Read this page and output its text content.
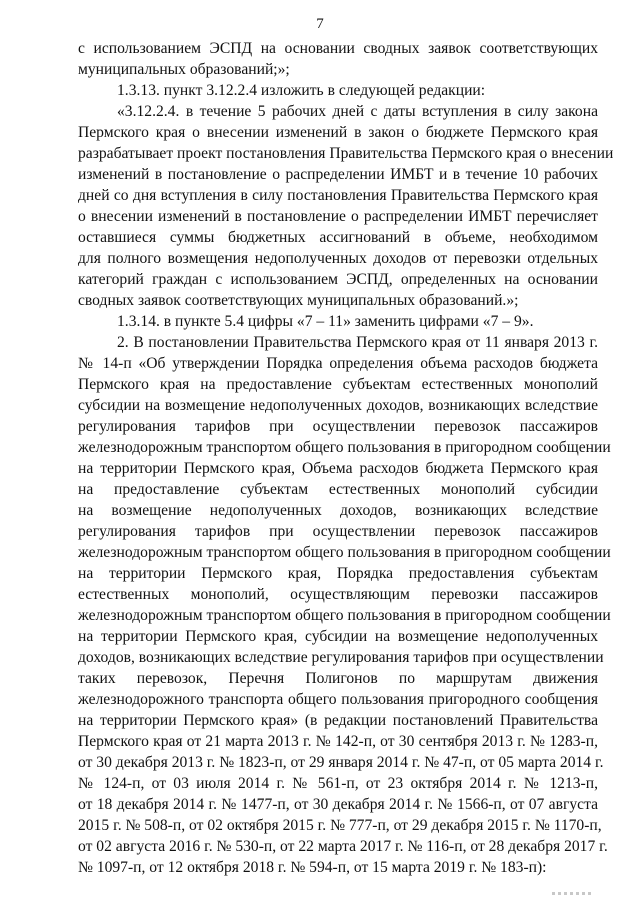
7
с использованием ЭСПД на основании сводных заявок соответствующих
муниципальных образований;»;
1.3.13. пункт 3.12.2.4 изложить в следующей редакции:
«3.12.2.4. в течение 5 рабочих дней с даты вступления в силу закона
Пермского края о внесении изменений в закон о бюджете Пермского края
разрабатывает проект постановления Правительства Пермского края о внесении
изменений в постановление о распределении ИМБТ и в течение 10 рабочих
дней со дня вступления в силу постановления Правительства Пермского края
о внесении изменений в постановление о распределении ИМБТ перечисляет
оставшиеся суммы бюджетных ассигнований в объеме, необходимом
для полного возмещения недополученных доходов от перевозки отдельных
категорий граждан с использованием ЭСПД, определенных на основании
сводных заявок соответствующих муниципальных образований.»;
1.3.14. в пункте 5.4 цифры «7 – 11» заменить цифрами «7 – 9».
2. В постановлении Правительства Пермского края от 11 января 2013 г.
№ 14-п «Об утверждении Порядка определения объема расходов бюджета
Пермского края на предоставление субъектам естественных монополий
субсидии на возмещение недополученных доходов, возникающих вследствие
регулирования тарифов при осуществлении перевозок пассажиров
железнодорожным транспортом общего пользования в пригородном сообщении
на территории Пермского края, Объема расходов бюджета Пермского края
на предоставление субъектам естественных монополий субсидии
на возмещение недополученных доходов, возникающих вследствие
регулирования тарифов при осуществлении перевозок пассажиров
железнодорожным транспортом общего пользования в пригородном сообщении
на территории Пермского края, Порядка предоставления субъектам
естественных монополий, осуществляющим перевозки пассажиров
железнодорожным транспортом общего пользования в пригородном сообщении
на территории Пермского края, субсидии на возмещение недополученных
доходов, возникающих вследствие регулирования тарифов при осуществлении
таких перевозок, Перечня Полигонов по маршрутам движения
железнодорожного транспорта общего пользования пригородного сообщения
на территории Пермского края» (в редакции постановлений Правительства
Пермского края от 21 марта 2013 г. № 142-п, от 30 сентября 2013 г. № 1283-п,
от 30 декабря 2013 г. № 1823-п, от 29 января 2014 г. № 47-п, от 05 марта 2014 г.
№ 124-п, от 03 июля 2014 г. № 561-п, от 23 октября 2014 г. № 1213-п,
от 18 декабря 2014 г. № 1477-п, от 30 декабря 2014 г. № 1566-п, от 07 августа
2015 г. № 508-п, от 02 октября 2015 г. № 777-п, от 29 декабря 2015 г. № 1170-п,
от 02 августа 2016 г. № 530-п, от 22 марта 2017 г. № 116-п, от 28 декабря 2017 г.
№ 1097-п, от 12 октября 2018 г. № 594-п, от 15 марта 2019 г. № 183-п):
